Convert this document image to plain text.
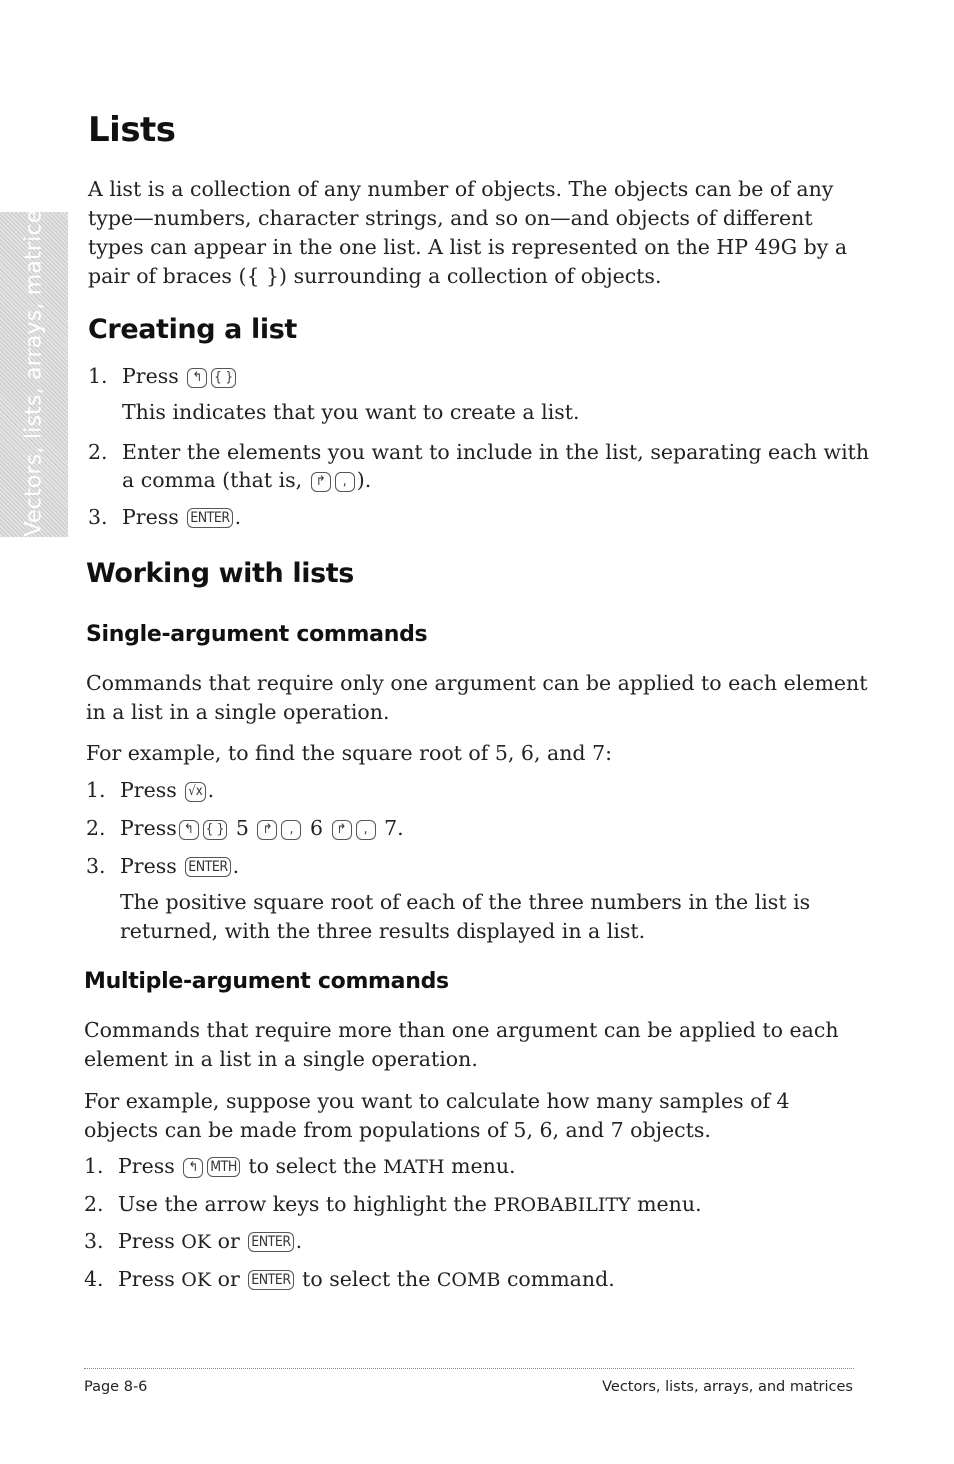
Vectors, lists, arrays, matrices
Lists
A list is a collection of any number of objects. The objects can be of any
type—numbers, character strings, and so on—and objects of different
types can appear in the one list. A list is represented on the HP 49G by a
pair of braces ({ }) surrounding a collection of objects.
Creating a list
1. Press ↰ { }
This indicates that you want to create a list.
2. Enter the elements you want to include in the list, separating each with
a comma (that is, ↱ , ).
3. Press ENTER .
Working with lists
Single-argument commands
Commands that require only one argument can be applied to each element
in a list in a single operation.
For example, to find the square root of 5, 6, and 7:
1. Press √x .
2. Press ↰ { } 5 ↱ , 6 ↱ , 7.
3. Press ENTER .
The positive square root of each of the three numbers in the list is
returned, with the three results displayed in a list.
Multiple-argument commands
Commands that require more than one argument can be applied to each
element in a list in a single operation.
For example, suppose you want to calculate how many samples of 4
objects can be made from populations of 5, 6, and 7 objects.
1. Press ↰ MTH to select the MATH menu.
2. Use the arrow keys to highlight the PROBABILITY menu.
3. Press OK or ENTER .
4. Press OK or ENTER to select the COMB command.
Page 8-6	Vectors, lists, arrays, and matrices
